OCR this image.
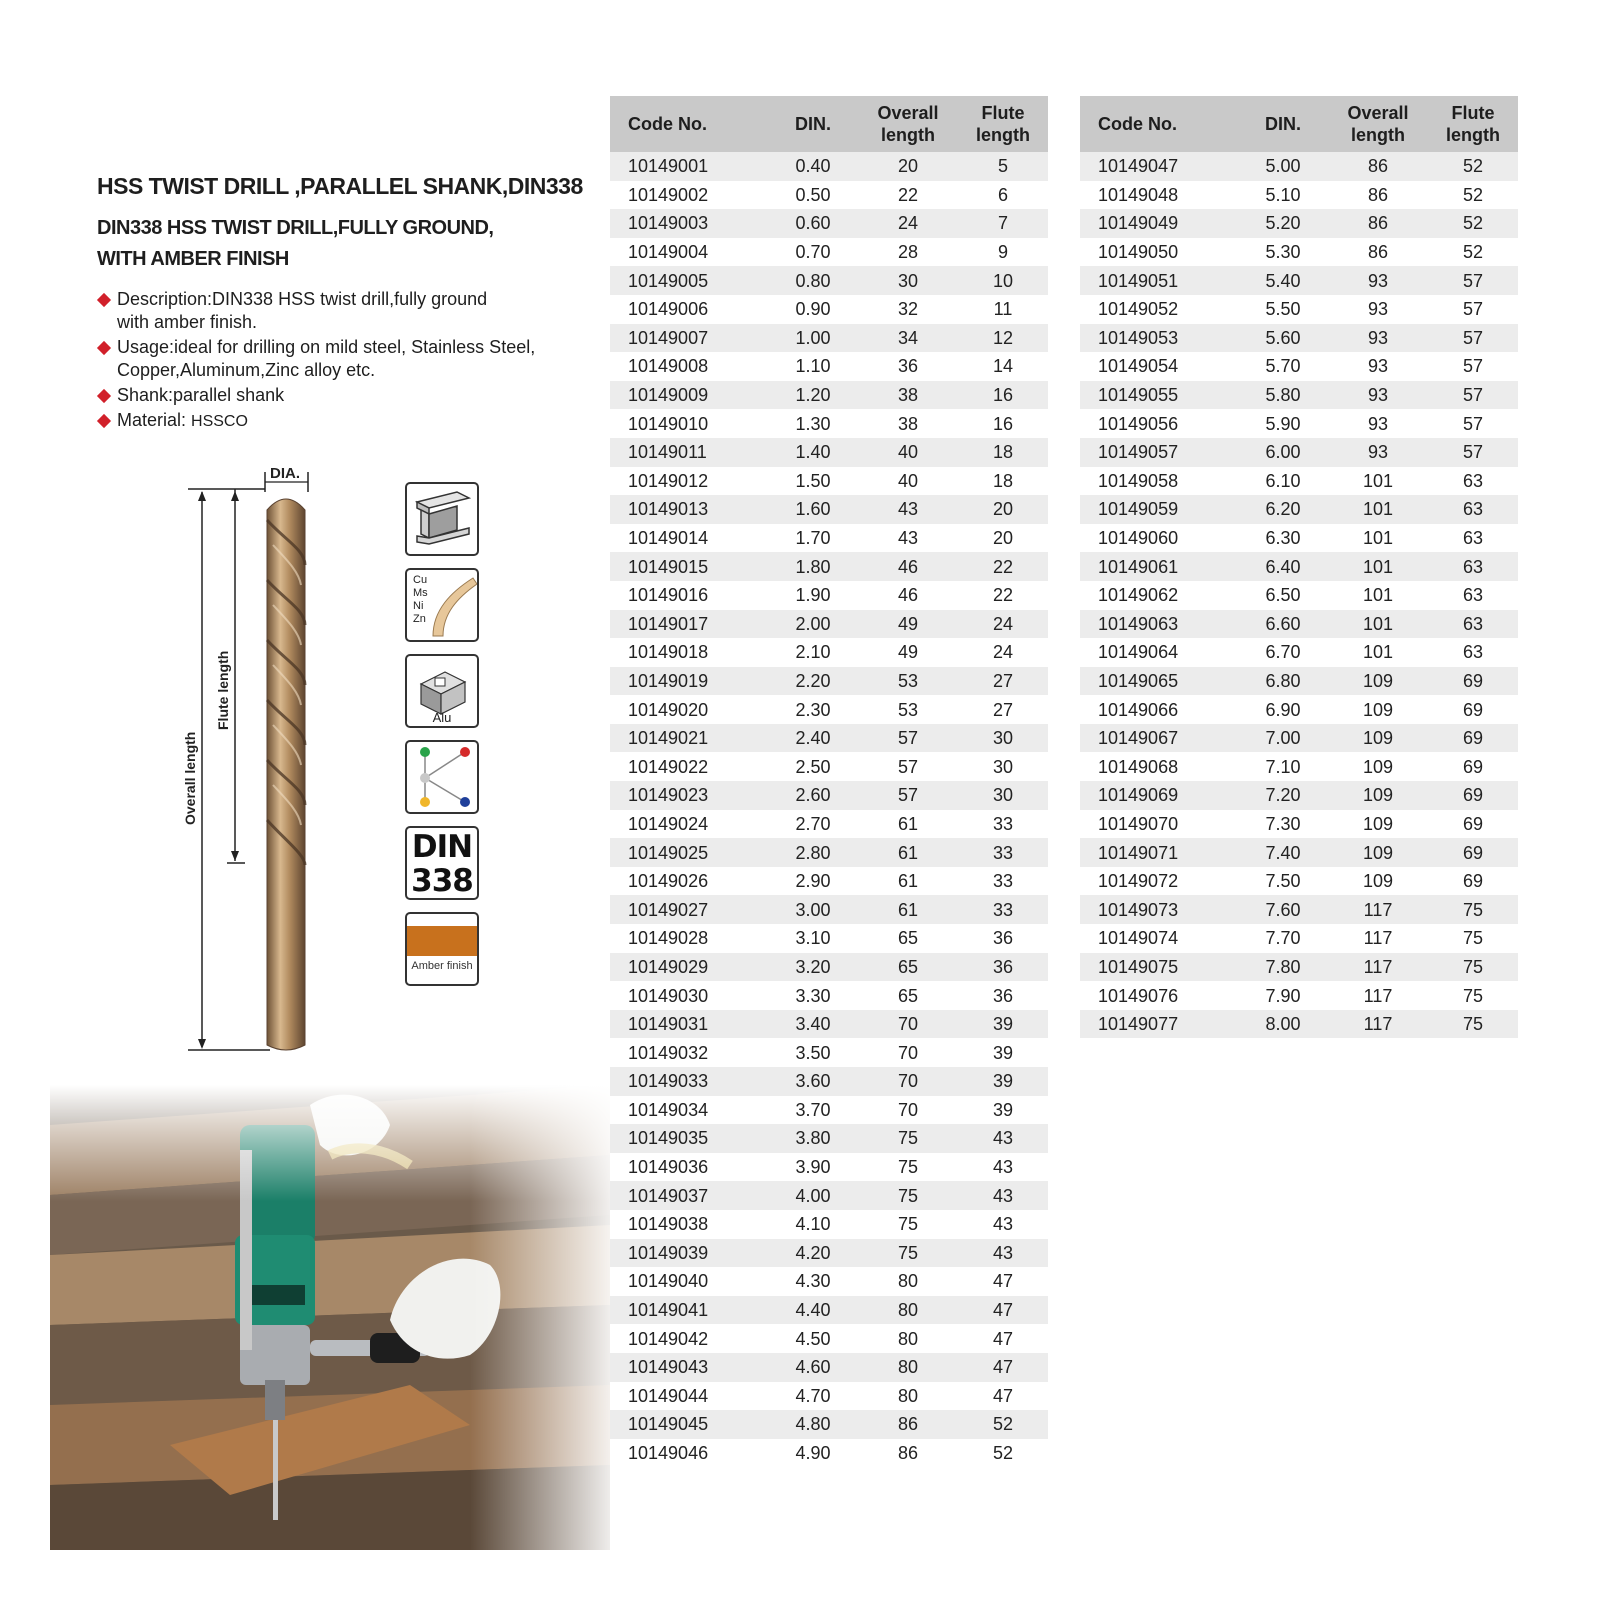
HSS TWIST DRILL ,PARALLEL SHANK,DIN338
DIN338 HSS TWIST DRILL,FULLY GROUND,
WITH AMBER FINISH
Description:DIN338 HSS twist drill,fully ground
with amber finish.
Usage:ideal for drilling on mild steel, Stainless Steel,
Copper,Aluminum,Zinc alloy etc.
Shank:parallel shank
Material: HSSCO
DIA.
Overall length
Flute length
Cu
Ms
Ni
Zn
Alu
DIN
338
Amber finish
Code No.	DIN.	Overall
length	Flute
length
10149001	0.40	20	5
10149002	0.50	22	6
10149003	0.60	24	7
10149004	0.70	28	9
10149005	0.80	30	10
10149006	0.90	32	11
10149007	1.00	34	12
10149008	1.10	36	14
10149009	1.20	38	16
10149010	1.30	38	16
10149011	1.40	40	18
10149012	1.50	40	18
10149013	1.60	43	20
10149014	1.70	43	20
10149015	1.80	46	22
10149016	1.90	46	22
10149017	2.00	49	24
10149018	2.10	49	24
10149019	2.20	53	27
10149020	2.30	53	27
10149021	2.40	57	30
10149022	2.50	57	30
10149023	2.60	57	30
10149024	2.70	61	33
10149025	2.80	61	33
10149026	2.90	61	33
10149027	3.00	61	33
10149028	3.10	65	36
10149029	3.20	65	36
10149030	3.30	65	36
10149031	3.40	70	39
10149032	3.50	70	39
10149033	3.60	70	39
10149034	3.70	70	39
10149035	3.80	75	43
10149036	3.90	75	43
10149037	4.00	75	43
10149038	4.10	75	43
10149039	4.20	75	43
10149040	4.30	80	47
10149041	4.40	80	47
10149042	4.50	80	47
10149043	4.60	80	47
10149044	4.70	80	47
10149045	4.80	86	52
10149046	4.90	86	52
Code No.	DIN.	Overall
length	Flute
length
10149047	5.00	86	52
10149048	5.10	86	52
10149049	5.20	86	52
10149050	5.30	86	52
10149051	5.40	93	57
10149052	5.50	93	57
10149053	5.60	93	57
10149054	5.70	93	57
10149055	5.80	93	57
10149056	5.90	93	57
10149057	6.00	93	57
10149058	6.10	101	63
10149059	6.20	101	63
10149060	6.30	101	63
10149061	6.40	101	63
10149062	6.50	101	63
10149063	6.60	101	63
10149064	6.70	101	63
10149065	6.80	109	69
10149066	6.90	109	69
10149067	7.00	109	69
10149068	7.10	109	69
10149069	7.20	109	69
10149070	7.30	109	69
10149071	7.40	109	69
10149072	7.50	109	69
10149073	7.60	117	75
10149074	7.70	117	75
10149075	7.80	117	75
10149076	7.90	117	75
10149077	8.00	117	75
